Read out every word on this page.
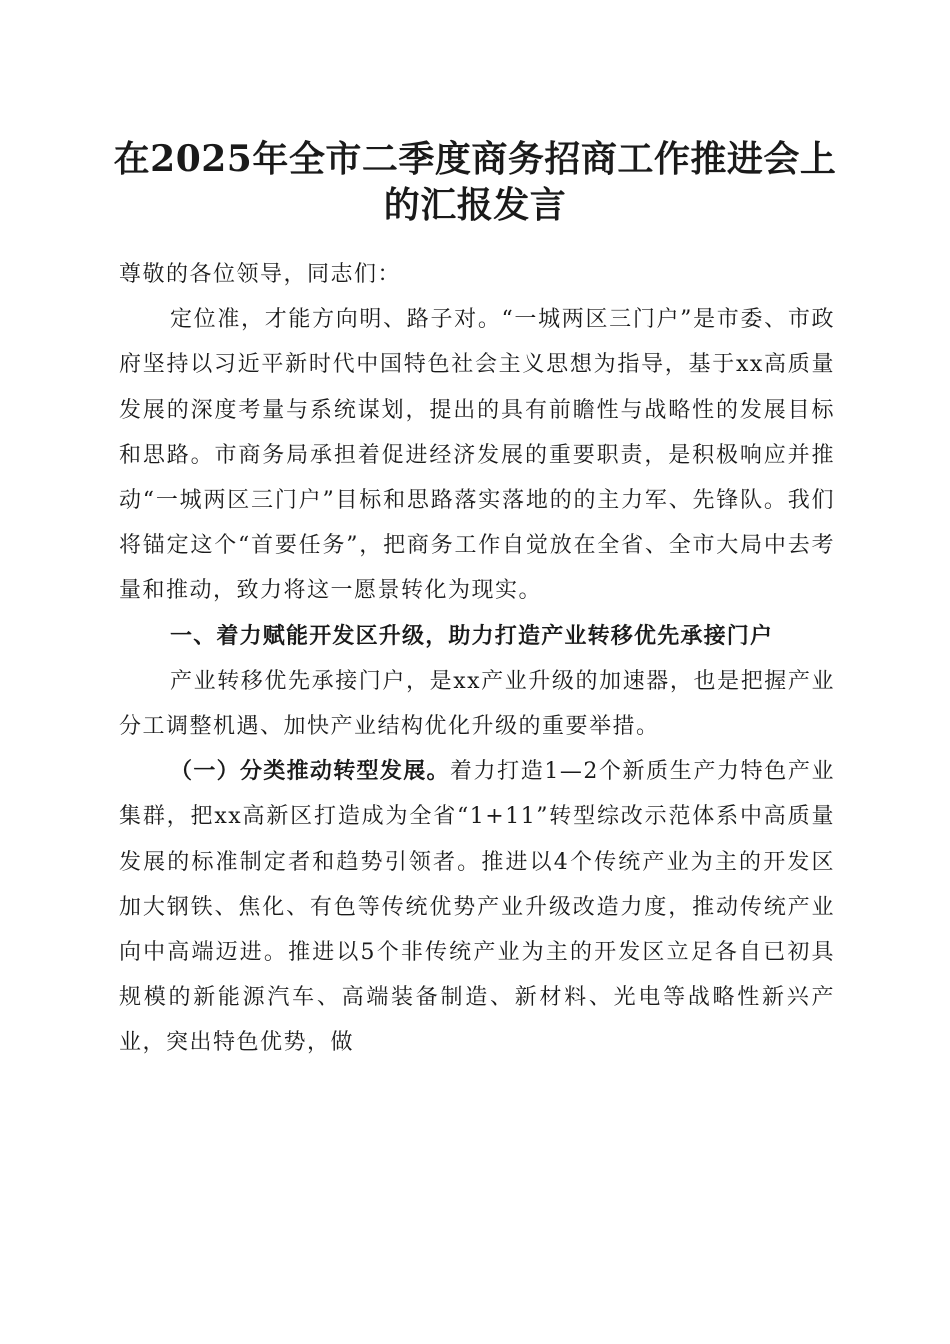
在2025年全市二季度商务招商工作推进会上
的汇报发言

尊敬的各位领导，同志们：

定位准，才能方向明、路子对。“一城两区三门户”是市委、市政府坚持以习近平新时代中国特色社会主义思想为指导，基于xx高质量发展的深度考量与系统谋划，提出的具有前瞻性与战略性的发展目标和思路。市商务局承担着促进经济发展的重要职责，是积极响应并推动“一城两区三门户”目标和思路落实落地的的主力军、先锋队。我们将锚定这个“首要任务”，把商务工作自觉放在全省、全市大局中去考量和推动，致力将这一愿景转化为现实。

一、着力赋能开发区升级，助力打造产业转移优先承接门户

产业转移优先承接门户，是xx产业升级的加速器，也是把握产业分工调整机遇、加快产业结构优化升级的重要举措。

（一）分类推动转型发展。着力打造1—2个新质生产力特色产业集群，把xx高新区打造成为全省“1+11”转型综改示范体系中高质量发展的标准制定者和趋势引领者。推进以4个传统产业为主的开发区加大钢铁、焦化、有色等传统优势产业升级改造力度，推动传统产业向中高端迈进。推进以5个非传统产业为主的开发区立足各自已初具规模的新能源汽车、高端装备制造、新材料、光电等战略性新兴产业，突出特色优势，做
